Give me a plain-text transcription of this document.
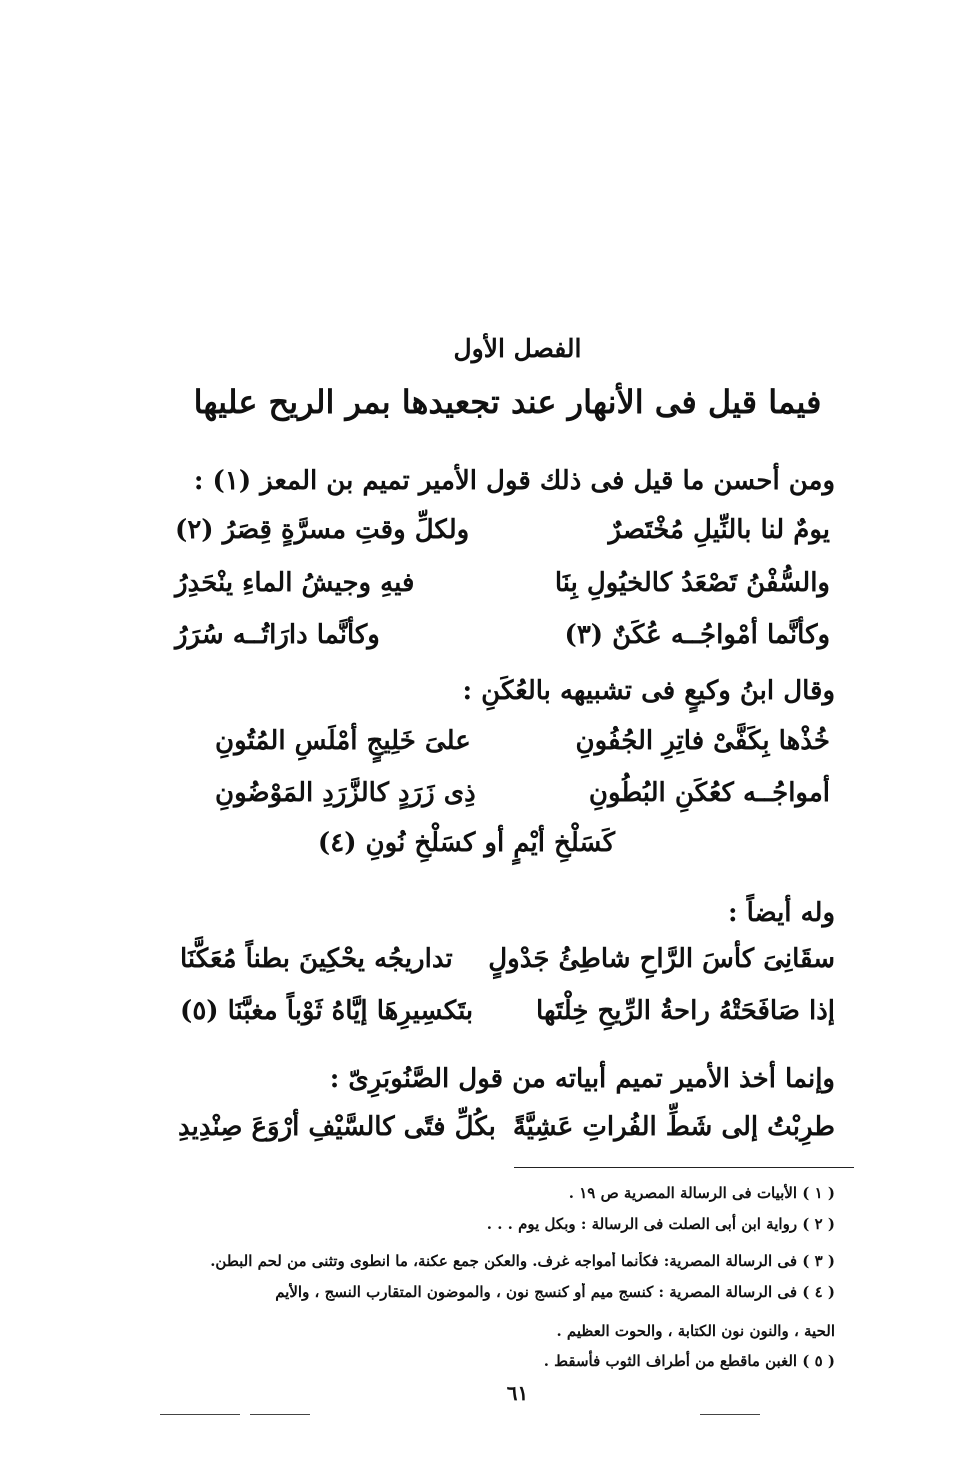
الفصل الأول
فيما قيل فى الأنهار عند تجعيدها بمر الريح عليها
ومن أحسن ما قيل فى ذلك قول الأمير تميم بن المعز (١) :
يومٌ لنا بالنِّيلِ مُخْتَصرٌ
ولكلِّ وقتِ مسرَّةٍ قِصَرُ (٢)
والسُّفْنُ تَصْعَدُ كالخيُولِ بِنَا
فيهِ وجيشُ الماءِ ينْحَدِرُ
وكأنَّما أمْواجُــه عُكَنٌ (٣)
وكأنَّما دارَاتُــه سُرَرُ
وقال ابنُ وكيعٍ فى تشبيهه بالعُكَنِ :
خُذْها بِكَفَّىْ فاتِرِ الجُفُونِ
علىَ خَلِيجٍ أمْلَسِ المُتُونِ
أمواجُــه كعُكَنِ البُطُونِ
ذِى زَرَدٍ كالزَّرَدِ المَوْضُونِ
كَسَلْخِ أيْمٍ أو كسَلْخِ نُونِ (٤)
وله أيضاً :
سقَانِىَ كأسَ الرَّاحِ شاطِئُ جَدْولٍ
تداريجُه يحْكِينَ بطناً مُعَكَّنَا
إذا صَافَحَتْهُ راحةُ الرِّيحِ خِلْتَها
بتَكسِيرِهَا إيَّاهُ ثَوْباً مغبَّنَا (٥)
وإنما أخذ الأمير تميم أبياته من قول الصَّنُوبَرِىّ :
طرِبْتُ إلى شَطِّ الفُراتِ عَشِيَّةً
بكُلِّ فتًى كالسَّيْفِ أرْوَعَ صِنْدِيدِ
( ١ ) الأبيات فى الرسالة المصرية ص ١٩ .
( ٢ ) رواية ابن أبى الصلت فى الرسالة : وبكل يوم . . .
( ٣ ) فى الرسالة المصرية: فكأنما أمواجه غرف. والعكن جمع عكنة، ما انطوى وتثنى من لحم البطن.
( ٤ ) فى الرسالة المصرية : كنسج ميم أو كنسج نون ، والموضون المتقارب النسج ، والأيم
الحية ، والنون نون الكتابة ، والحوت العظيم .
( ٥ ) الغبن ماقطع من أطراف الثوب فأسقط .
٦١
